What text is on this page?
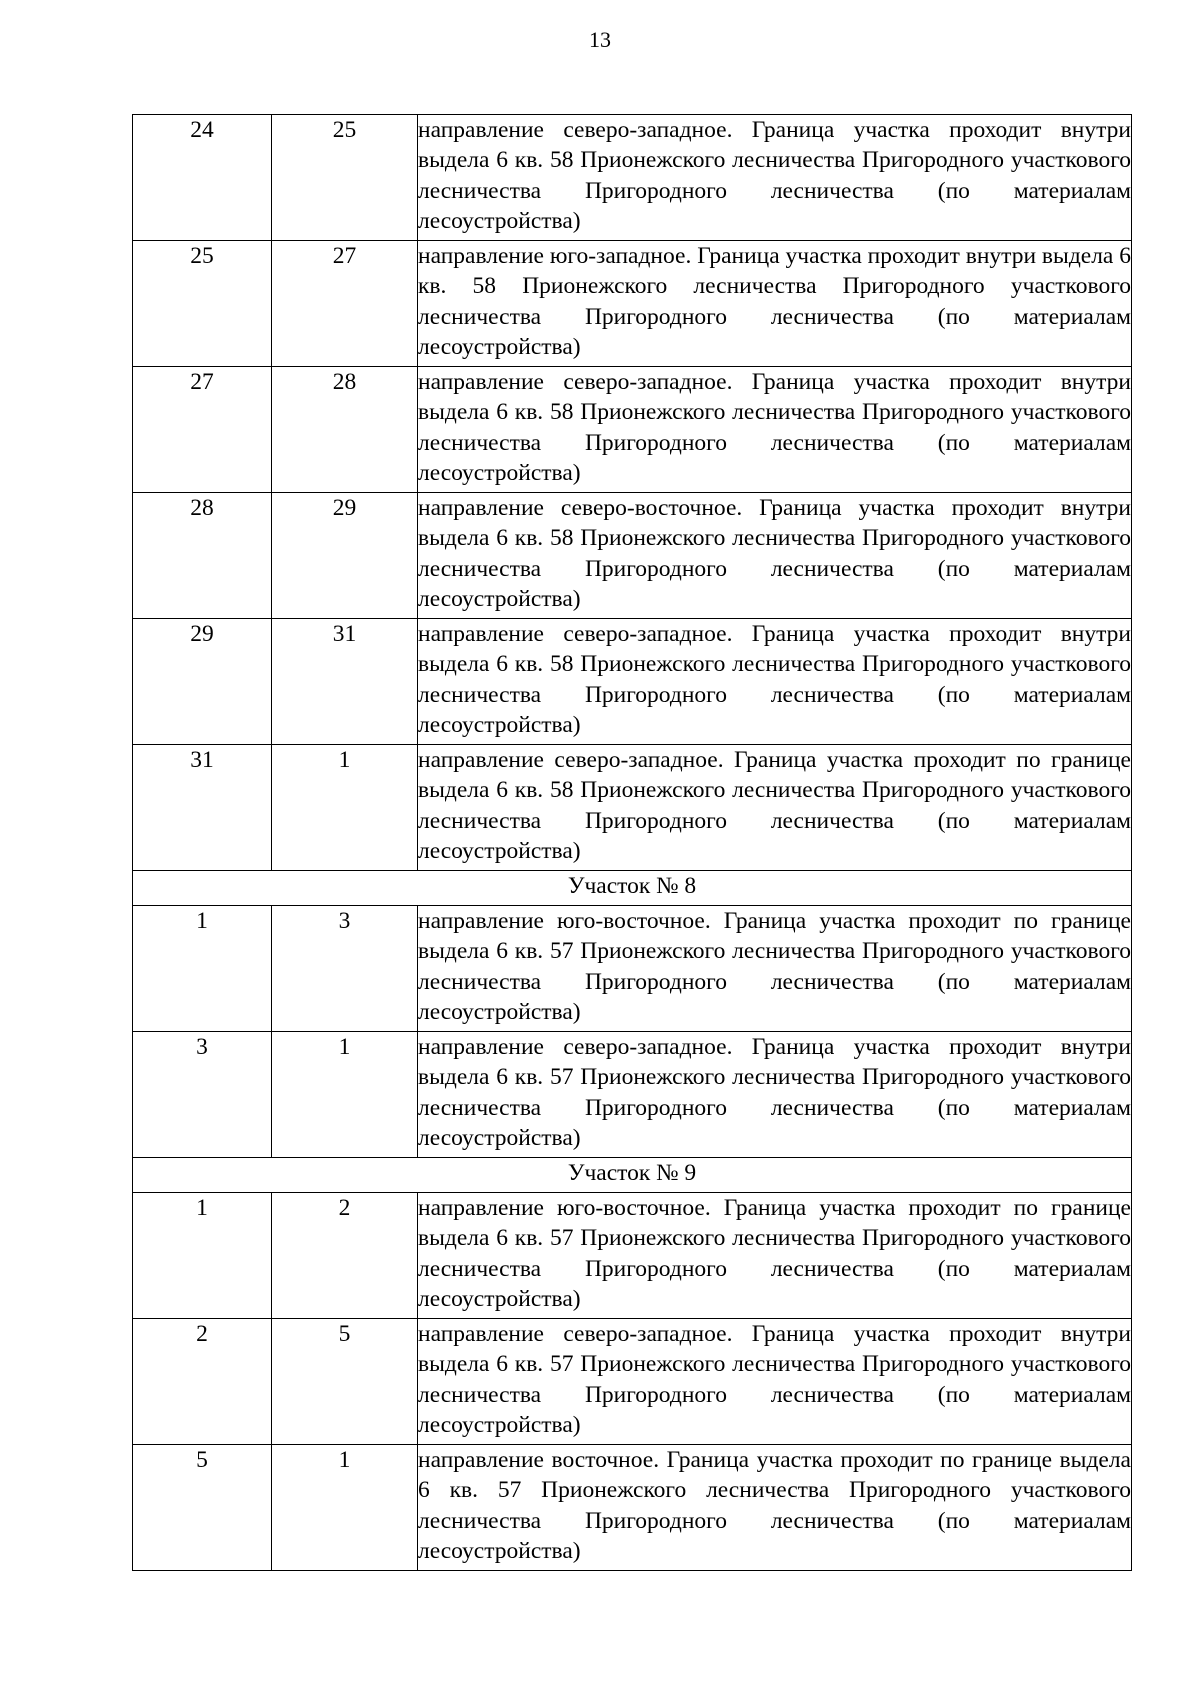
13
24	25	направление северо-западное. Граница участка проходит внутри выдела 6 кв. 58 Прионежского лесничества Пригородного участкового лесничества Пригородного лесничества (по материалам лесоустройства)
25	27	направление юго-западное. Граница участка проходит внутри выдела 6 кв. 58 Прионежского лесничества Пригородного участкового лесничества Пригородного лесничества (по материалам лесоустройства)
27	28	направление северо-западное. Граница участка проходит внутри выдела 6 кв. 58 Прионежского лесничества Пригородного участкового лесничества Пригородного лесничества (по материалам лесоустройства)
28	29	направление северо-восточное. Граница участка проходит внутри выдела 6 кв. 58 Прионежского лесничества Пригородного участкового лесничества Пригородного лесничества (по материалам лесоустройства)
29	31	направление северо-западное. Граница участка проходит внутри выдела 6 кв. 58 Прионежского лесничества Пригородного участкового лесничества Пригородного лесничества (по материалам лесоустройства)
31	1	направление северо-западное. Граница участка проходит по границе выдела 6 кв. 58 Прионежского лесничества Пригородного участкового лесничества Пригородного лесничества (по материалам лесоустройства)
Участок № 8		
1	3	направление юго-восточное. Граница участка проходит по границе выдела 6 кв. 57 Прионежского лесничества Пригородного участкового лесничества Пригородного лесничества (по материалам лесоустройства)
3	1	направление северо-западное. Граница участка проходит внутри выдела 6 кв. 57 Прионежского лесничества Пригородного участкового лесничества Пригородного лесничества (по материалам лесоустройства)
Участок № 9		
1	2	направление юго-восточное. Граница участка проходит по границе выдела 6 кв. 57 Прионежского лесничества Пригородного участкового лесничества Пригородного лесничества (по материалам лесоустройства)
2	5	направление северо-западное. Граница участка проходит внутри выдела 6 кв. 57 Прионежского лесничества Пригородного участкового лесничества Пригородного лесничества (по материалам лесоустройства)
5	1	направление восточное. Граница участка проходит по границе выдела 6 кв. 57 Прионежского лесничества Пригородного участкового лесничества Пригородного лесничества (по материалам лесоустройства)
